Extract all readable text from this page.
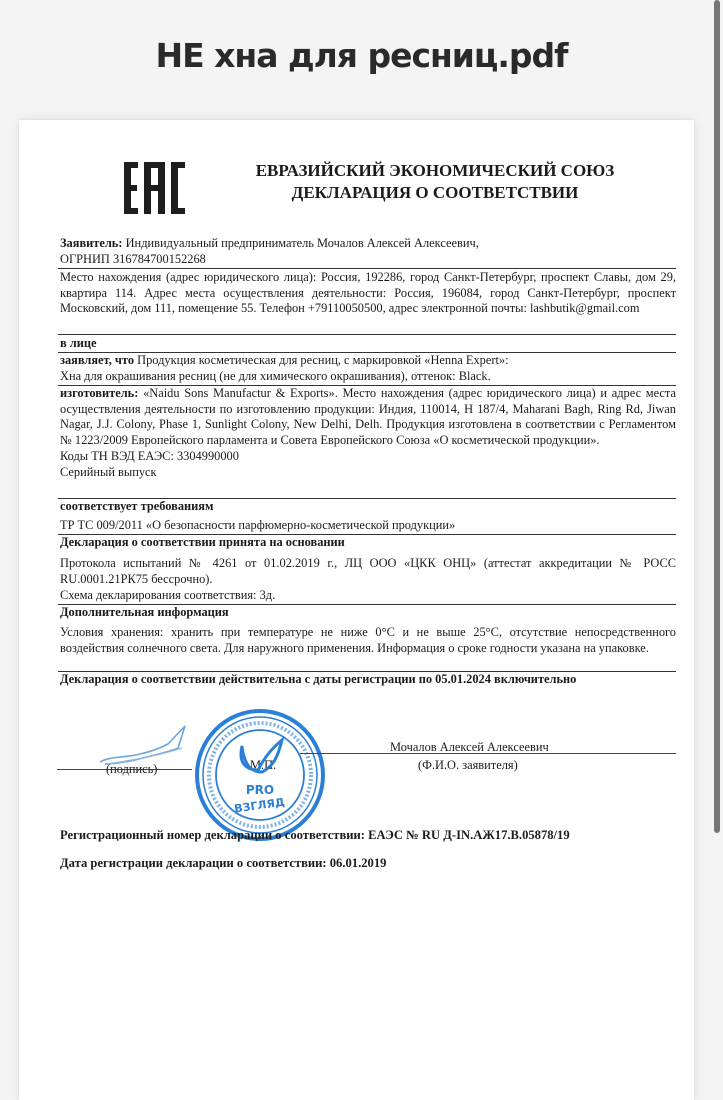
НЕ хна для ресниц.pdf
ЕВРАЗИЙСКИЙ ЭКОНОМИЧЕСКИЙ СОЮЗ
ДЕКЛАРАЦИЯ О СООТВЕТСТВИИ
Заявитель: Индивидуальный предприниматель Мочалов Алексей Алексеевич,
ОГРНИП 316784700152268
Место нахождения (адрес юридического лица): Россия, 192286, город Санкт-Петербург, проспект Славы, дом 29, квартира 114. Адрес места осуществления деятельности: Россия, 196084, город Санкт-Петербург, проспект Московский, дом 111, помещение 55. Телефон +79110050500, адрес электронной почты: lashbutik@gmail.com
в лице
заявляет, что Продукция косметическая для ресниц, с маркировкой «Henna Expert»:
Хна для окрашивания ресниц (не для химического окрашивания), оттенок: Black.
изготовитель: «Naidu Sons Manufactur & Exports». Место нахождения (адрес юридического лица) и адрес места осуществления деятельности по изготовлению продукции: Индия, 110014, H 187/4, Maharani Bagh, Ring Rd, Jiwan Nagar, J.J. Colony, Phase 1, Sunlight Colony, New Delhi, Delh. Продукция изготовлена в соответствии с Регламентом № 1223/2009 Европейского парламента и Совета Европейского Союза «О косметической продукции».
Коды ТН ВЭД ЕАЭС: 3304990000
Серийный выпуск
соответствует требованиям
ТР ТС 009/2011 «О безопасности парфюмерно-косметической продукции»
Декларация о соответствии принята на основании
Протокола испытаний № 4261 от 01.02.2019 г., ЛЦ ООО «ЦКК ОНЦ» (аттестат аккредитации № РОСС RU.0001.21РК75 бессрочно).
Схема декларирования соответствия: 3д.
Дополнительная информация
Условия хранения: хранить при температуре не ниже 0°С и не выше 25°С, отсутствие непосредственного воздействия солнечного света. Для наружного применения. Информация о сроке годности указана на упаковке.
Декларация о соответствии действительна с даты регистрации по 05.01.2024 включительно
(подпись)	М.П.
PRO
ВЗГЛЯД
Мочалов Алексей Алексеевич
(Ф.И.О. заявителя)
Регистрационный номер декларации о соответствии: ЕАЭС № RU Д-IN.АЖ17.В.05878/19
Дата регистрации декларации о соответствии: 06.01.2019
